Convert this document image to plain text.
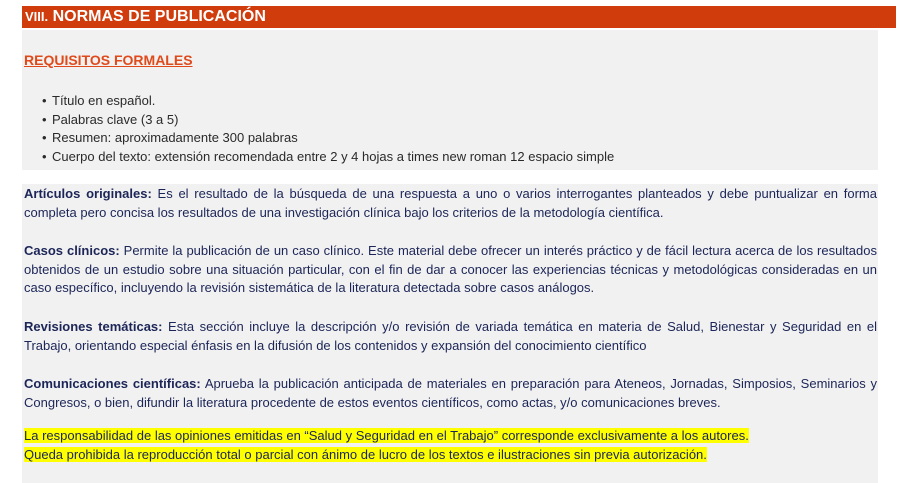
VIII. NORMAS DE PUBLICACIÓN
REQUISITOS FORMALES
• Título en español.
• Palabras clave (3 a 5)
• Resumen: aproximadamente 300 palabras
• Cuerpo del texto: extensión recomendada entre 2 y 4 hojas a times new roman 12 espacio simple

Artículos originales: Es el resultado de la búsqueda de una respuesta a uno o varios interrogantes planteados y debe puntualizar en forma completa pero concisa los resultados de una investigación clínica bajo los criterios de la metodología científica.

Casos clínicos: Permite la publicación de un caso clínico. Este material debe ofrecer un interés práctico y de fácil lectura acerca de los resultados obtenidos de un estudio sobre una situación particular, con el fin de dar a conocer las experiencias técnicas y metodológicas consideradas en un caso específico, incluyendo la revisión sistemática de la literatura detectada sobre casos análogos.

Revisiones temáticas: Esta sección incluye la descripción y/o revisión de variada temática en materia de Salud, Bienestar y Seguridad en el Trabajo, orientando especial énfasis en la difusión de los contenidos y expansión del conocimiento científico

Comunicaciones científicas: Aprueba la publicación anticipada de materiales en preparación para Ateneos, Jornadas, Simposios, Seminarios y Congresos, o bien, difundir la literatura procedente de estos eventos científicos, como actas, y/o comunicaciones breves.

La responsabilidad de las opiniones emitidas en “Salud y Seguridad en el Trabajo” corresponde exclusivamente a los autores.
Queda prohibida la reproducción total o parcial con ánimo de lucro de los textos e ilustraciones sin previa autorización.
